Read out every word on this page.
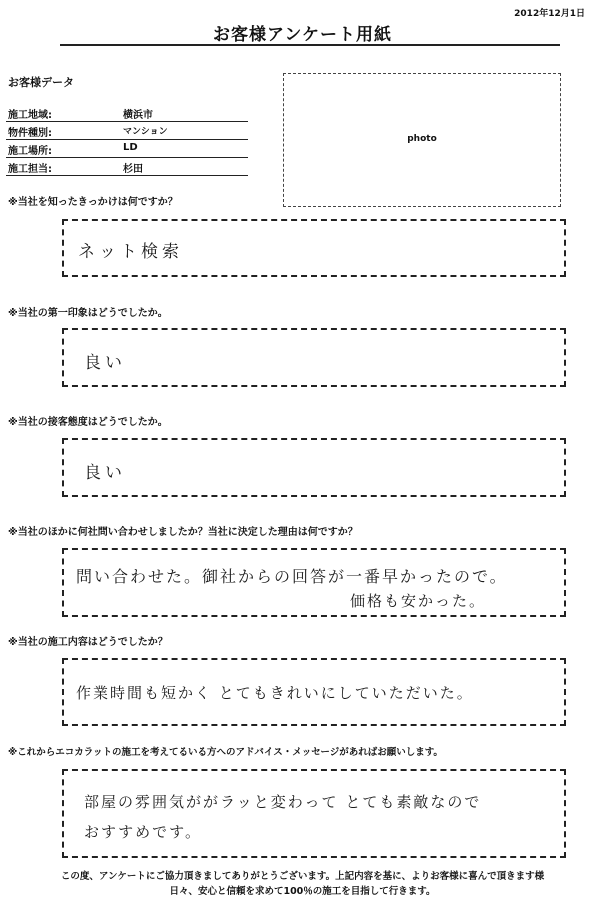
2012年12月1日
お客様アンケート用紙
お客様データ
施工地域:	横浜市
物件種別:	マンション
施工場所:	LD
施工担当:	杉田
photo
※当社を知ったきっかけは何ですか？
ネット検索
※当社の第一印象はどうでしたか。
良い
※当社の接客態度はどうでしたか。
良い
※当社のほかに何社問い合わせしましたか？当社に決定した理由は何ですか？
問い合わせた。御社からの回答が一番早かったので。
価格も安かった。
※当社の施工内容はどうでしたか？
作業時間も短かく とてもきれいにしていただいた。
※これからエコカラットの施工を考えてるいる方へのアドバイス・メッセージがあればお願いします。
部屋の雰囲気ががラッと変わって とても素敵なので
おすすめです。
この度、アンケートにご協力頂きましてありがとうございます。上記内容を基に、よりお客様に喜んで頂きます様
日々、安心と信頼を求めて100％の施工を目指して行きます。
